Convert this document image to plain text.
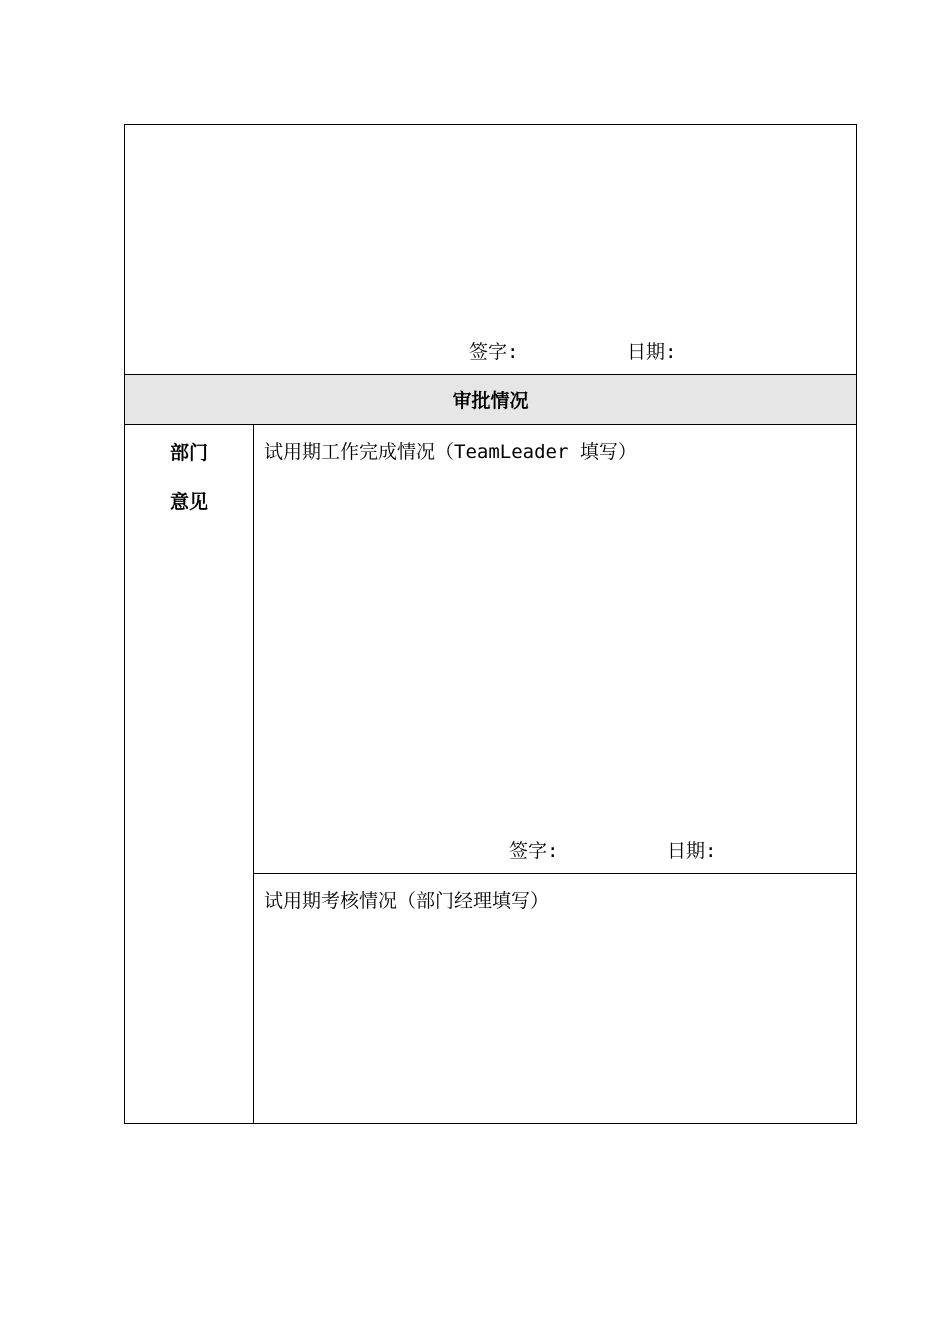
签字:	日期:
审批情况
部门
意见
试用期工作完成情况（TeamLeader 填写）
签字:	日期:
试用期考核情况（部门经理填写）
